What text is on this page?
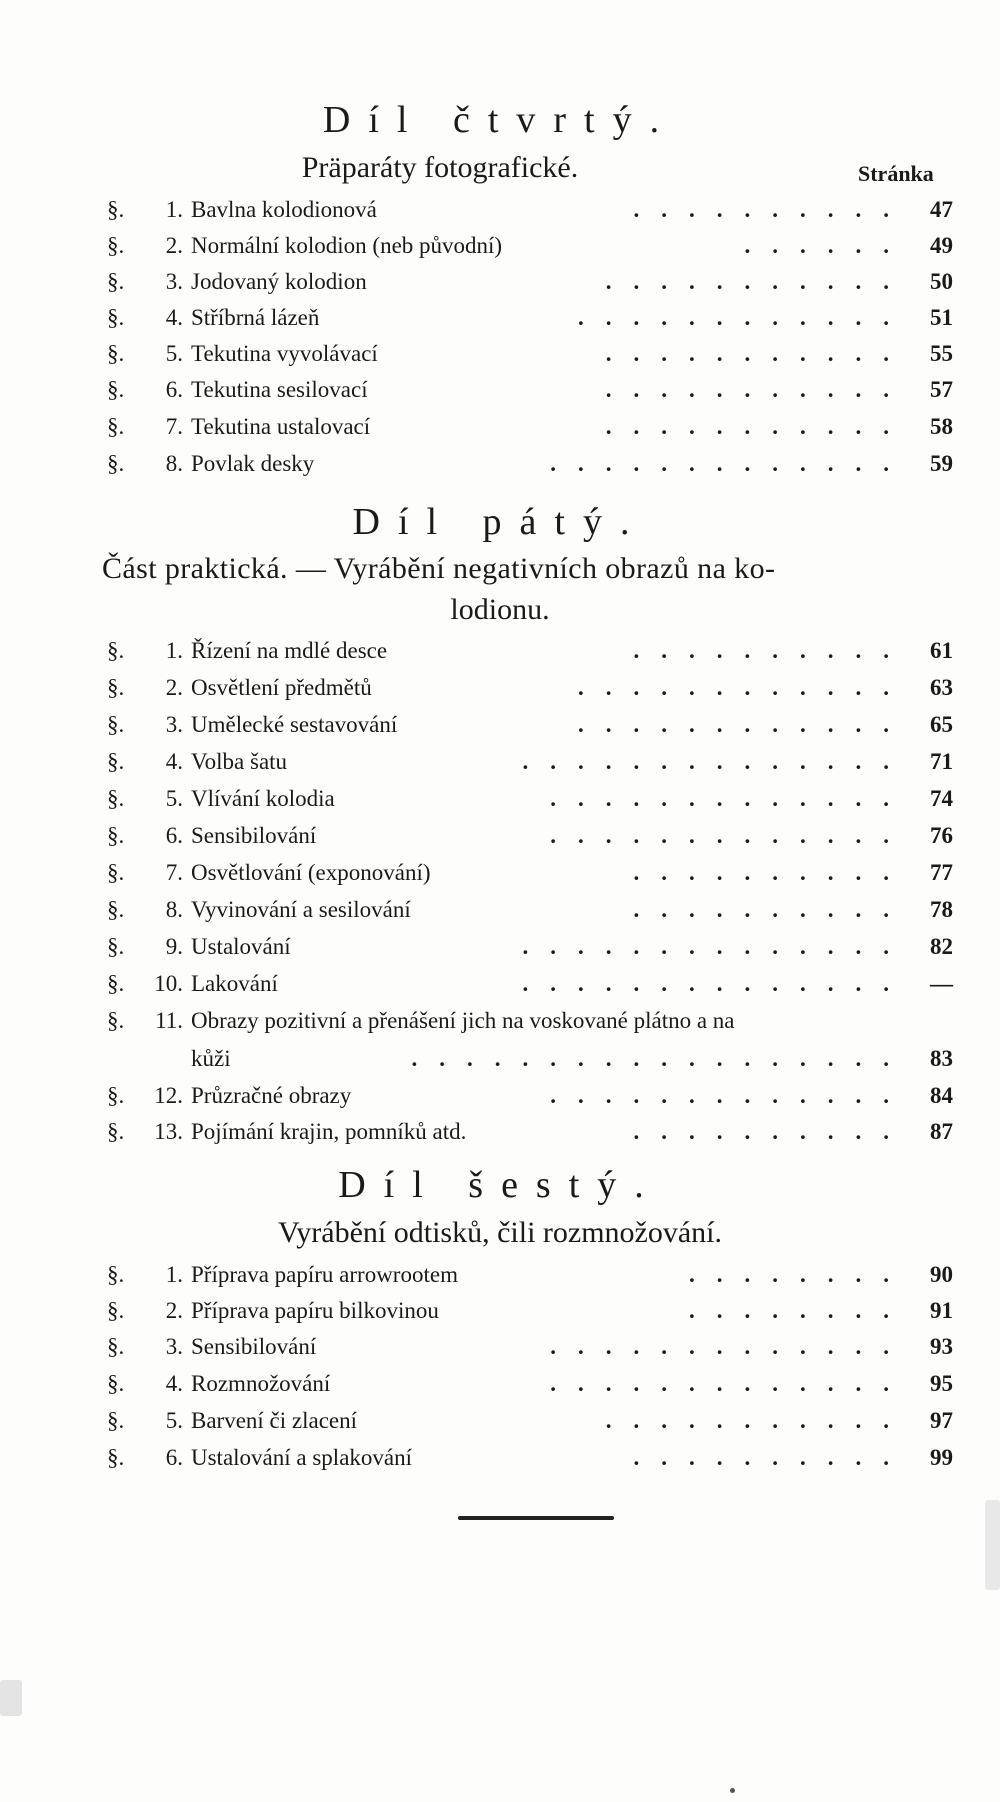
Díl čtvrtý.
Präparáty fotografické.	Stránka
§.	1. Bavlna kolodionová	.......... 47
§.	2. Normální kolodion (neb původní)	...... 49
§.	3. Jodovaný kolodion	........... 50
§.	4. Stříbrná lázeň	............ 51
§.	5. Tekutina vyvolávací	........... 55
§.	6. Tekutina sesilovací	........... 57
§.	7. Tekutina ustalovací	........... 58
§.	8. Povlak desky	............. 59
Díl pátý.
Část praktická. — Vyrábění negativních obrazů na ko-
lodionu.
§.	1. Řízení na mdlé desce	.......... 61
§.	2. Osvětlení předmětů	............ 63
§.	3. Umělecké sestavování	............ 65
§.	4. Volba šatu	.............. 71
§.	5. Vlívání kolodia	............. 74
§.	6. Sensibilování	............. 76
§.	7. Osvětlování (exponování)	.......... 77
§.	8. Vyvinování a sesilování	.......... 78
§.	9. Ustalování	.............. 82
§. 10. Lakování	.............. —
§. 11. Obrazy pozitivní a přenášení jich na voskované plátno a na
kůži	.................. 83
§. 12. Průzračné obrazy	............. 84
§. 13. Pojímání krajin, pomníků atd.	.......... 87
Díl šestý.
Vyrábění odtisků, čili rozmnožování.
§.	1. Příprava papíru arrowrootem	........ 90
§.	2. Příprava papíru bilkovinou	........ 91
§.	3. Sensibilování	............. 93
§.	4. Rozmnožování	............. 95
§.	5. Barvení či zlacení	........... 97
§.	6. Ustalování a splakování	.......... 99
